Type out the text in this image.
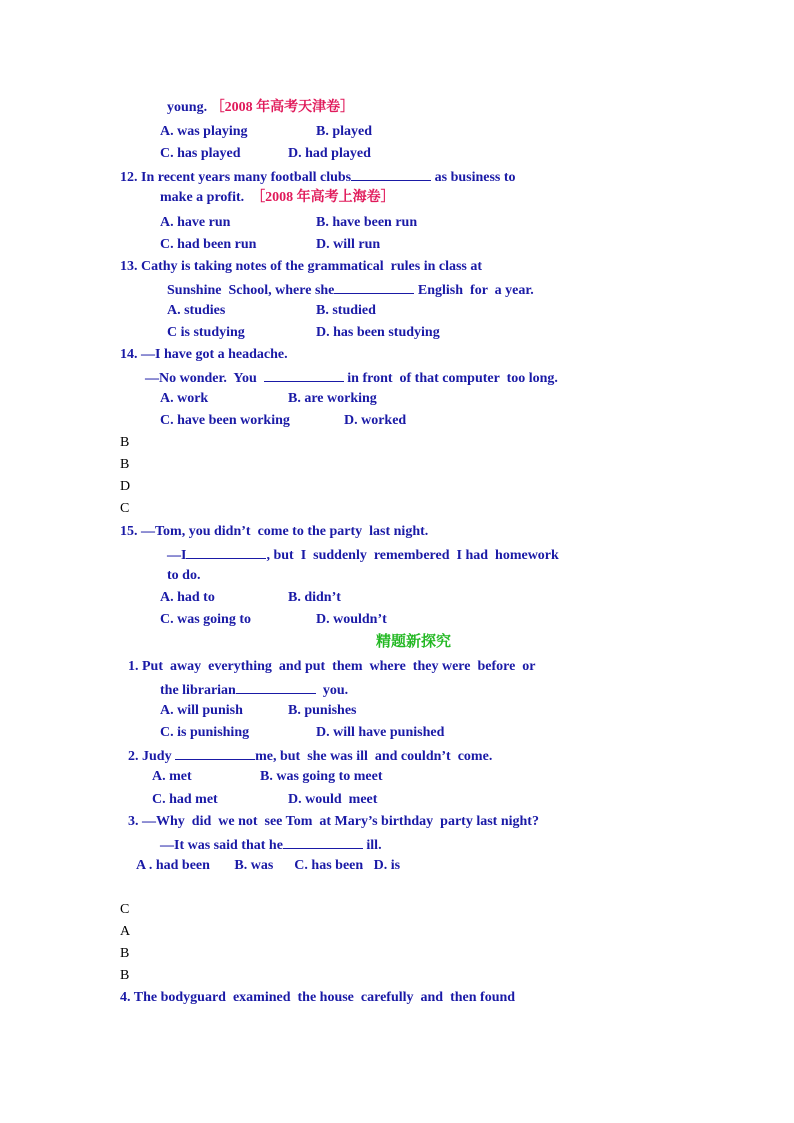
young. ［2008 年高考天津卷］
A. was playing	B. played
C. has played	D. had played
12. In recent years many football clubs	as business to
make a profit. ［2008 年高考上海卷］
A. have run	B. have been run
C. had been run	D. will run
13. Cathy is taking notes of the grammatical  rules in class at
Sunshine  School, where she	English  for  a year.
A. studies	B. studied
C is studying	D. has been studying
14. —I have got a headache.
—No wonder.  You	in front  of that computer  too long.
A. work	B. are working
C. have been working	D. worked
B
B
D
C
15. —Tom, you didn’t  come to the party  last night.
—I	, but  I  suddenly  remembered  I had  homework
to do.
A. had to	B. didn’t
C. was going to	D. wouldn’t
精题新探究
1. Put  away  everything  and put  them  where  they were  before  or
the librarian	you.
A. will punish	B. punishes
C. is punishing	D. will have punished
2. Judy	me, but  she was ill  and couldn’t  come.
A. met	B. was going to meet
C. had met	D. would  meet
3. —Why  did  we not  see Tom  at Mary’s birthday  party last night?
—It was said that he	ill.
A . had been       B. was      C. has been   D. is
C
A
B
B
4. The bodyguard  examined  the house  carefully  and  then found
